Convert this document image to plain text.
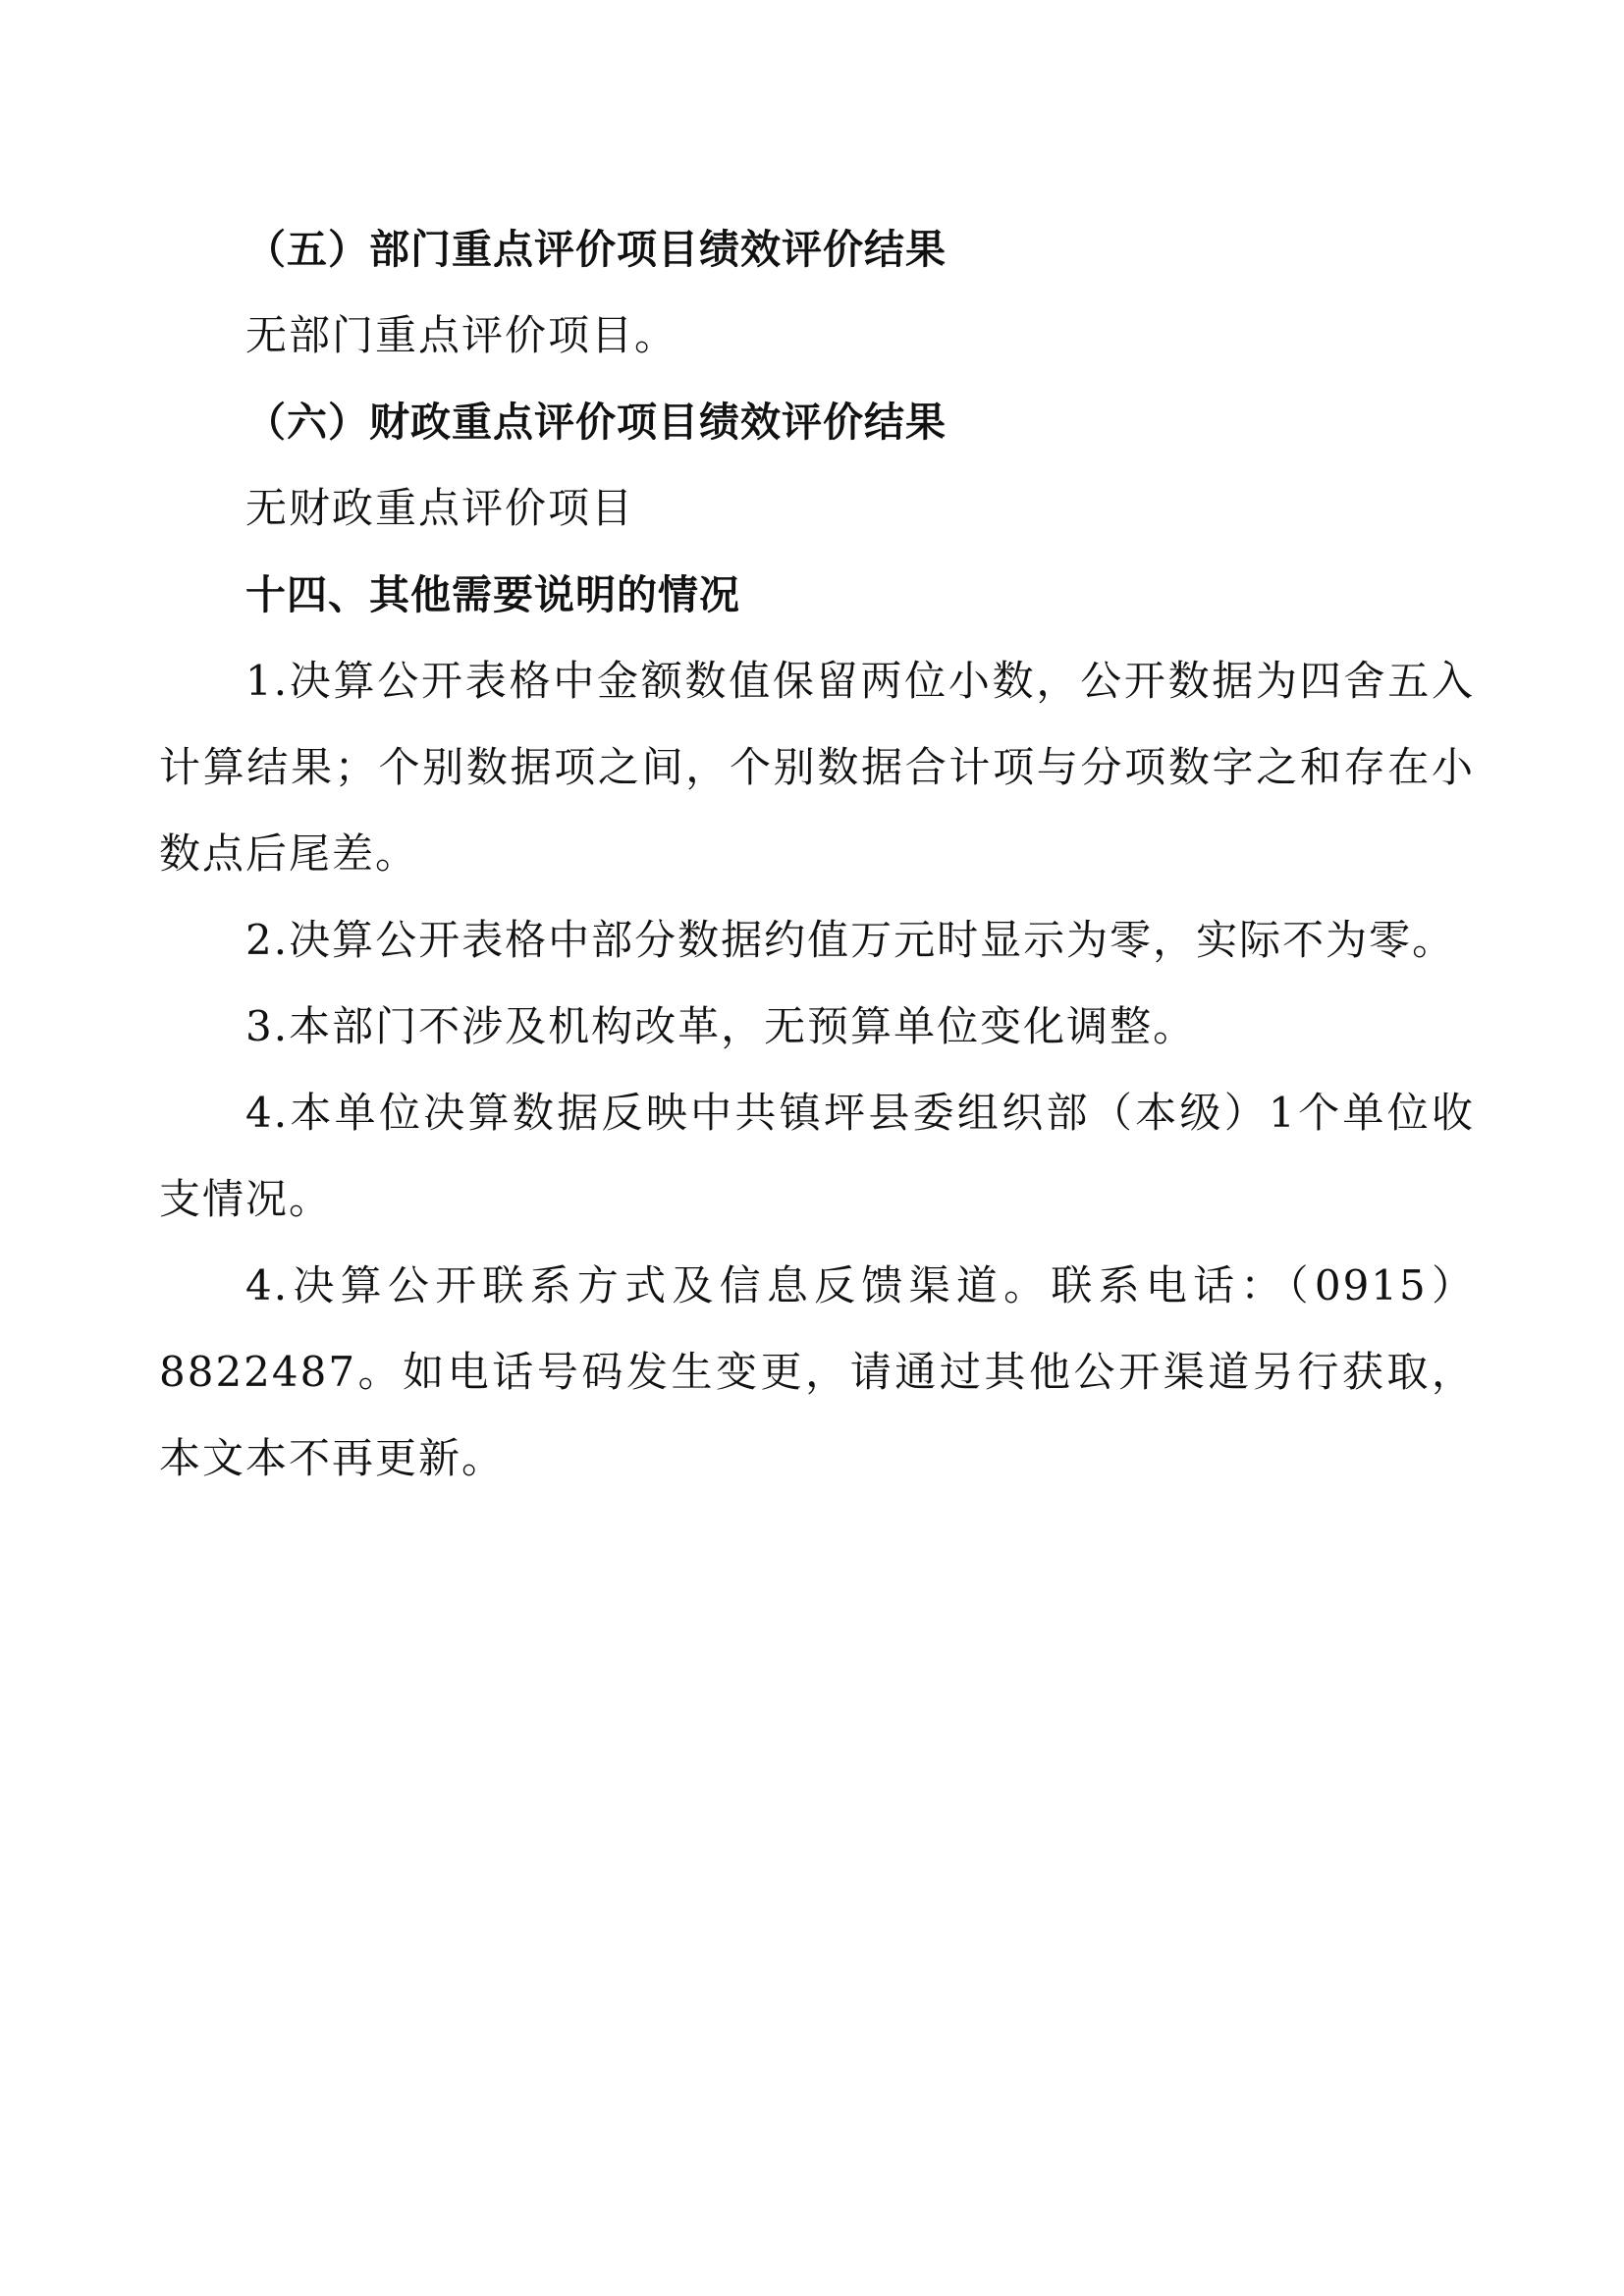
（五）部门重点评价项目绩效评价结果

无部门重点评价项目。

（六）财政重点评价项目绩效评价结果

无财政重点评价项目

十四、其他需要说明的情况

1.决算公开表格中金额数值保留两位小数，公开数据为四舍五入计算结果；个别数据项之间，个别数据合计项与分项数字之和存在小数点后尾差。

2.决算公开表格中部分数据约值万元时显示为零，实际不为零。

3.本部门不涉及机构改革，无预算单位变化调整。

4.本单位决算数据反映中共镇坪县委组织部（本级）1个单位收支情况。

4.决算公开联系方式及信息反馈渠道。联系电话：（0915）8822487。如电话号码发生变更，请通过其他公开渠道另行获取，本文本不再更新。
